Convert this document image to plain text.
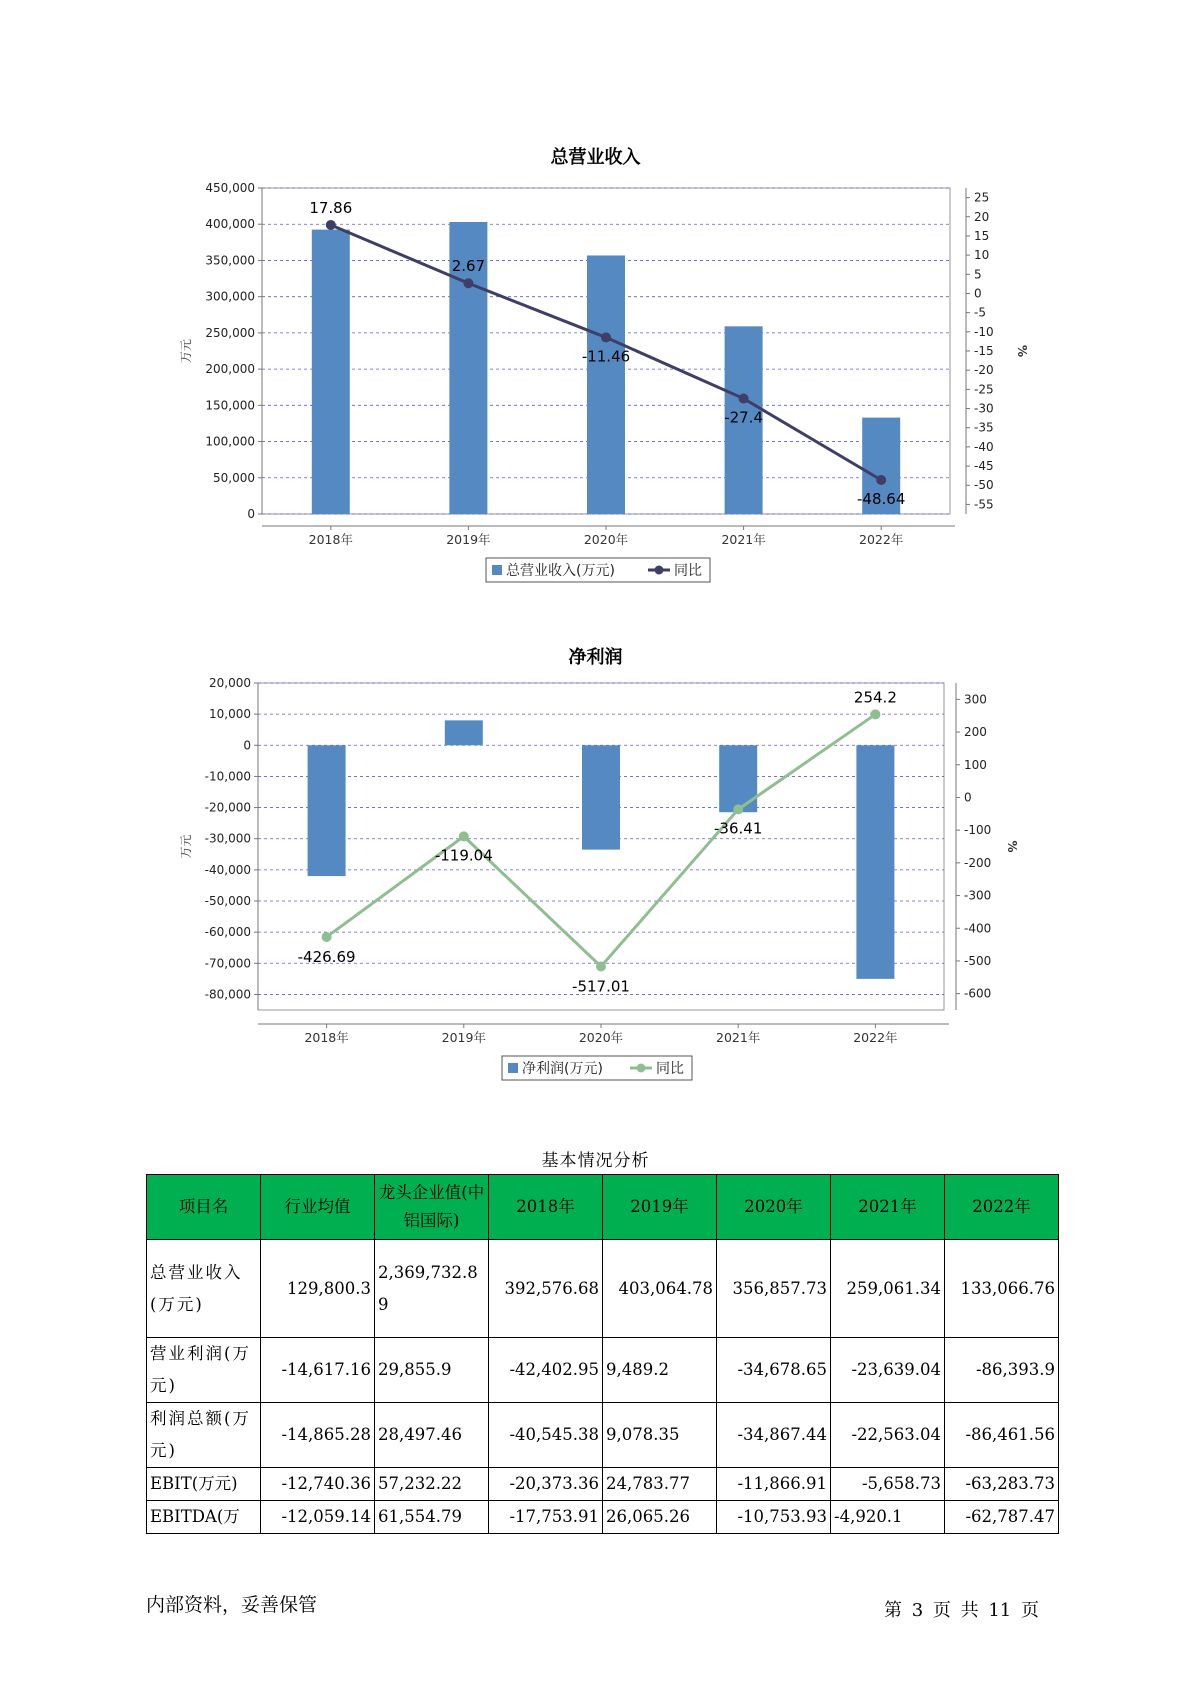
总营业收入
0
50,000
100,000
150,000
200,000
250,000
300,000
350,000
400,000
450,000
25
20
15
10
5
0
-5
-10
-15
-20
-25
-30
-35
-40
-45
-50
-55
万元	%
2018年	2019年	2020年	2021年	2022年
17.86
2.67
-11.46
-27.4
-48.64
总营业收入(万元)	同比
净利润
20,000
10,000
0
-10,000
-20,000
-30,000
-40,000
-50,000
-60,000
-70,000
-80,000
300
200
100
0
-100
-200
-300
-400
-500
-600
万元	%
2018年	2019年	2020年	2021年	2022年
-426.69
-119.04
-517.01
-36.41
254.2
净利润(万元)	同比
基本情况分析
项目名	行业均值	龙头企业值(中铝国际)	2018年	2019年	2020年	2021年	2022年
总营业收入(万元)	129,800.3	2,369,732.89	392,576.68	403,064.78	356,857.73	259,061.34	133,066.76
营业利润(万元)	-14,617.16	29,855.9	-42,402.95	9,489.2	-34,678.65	-23,639.04	-86,393.9
利润总额(万元)	-14,865.28	28,497.46	-40,545.38	9,078.35	-34,867.44	-22,563.04	-86,461.56
EBIT(万元)	-12,740.36	57,232.22	-20,373.36	24,783.77	-11,866.91	-5,658.73	-63,283.73
EBITDA(万	-12,059.14	61,554.79	-17,753.91	26,065.26	-10,753.93	-4,920.1	-62,787.47
内部资料，妥善保管	第 3 页 共 11 页
